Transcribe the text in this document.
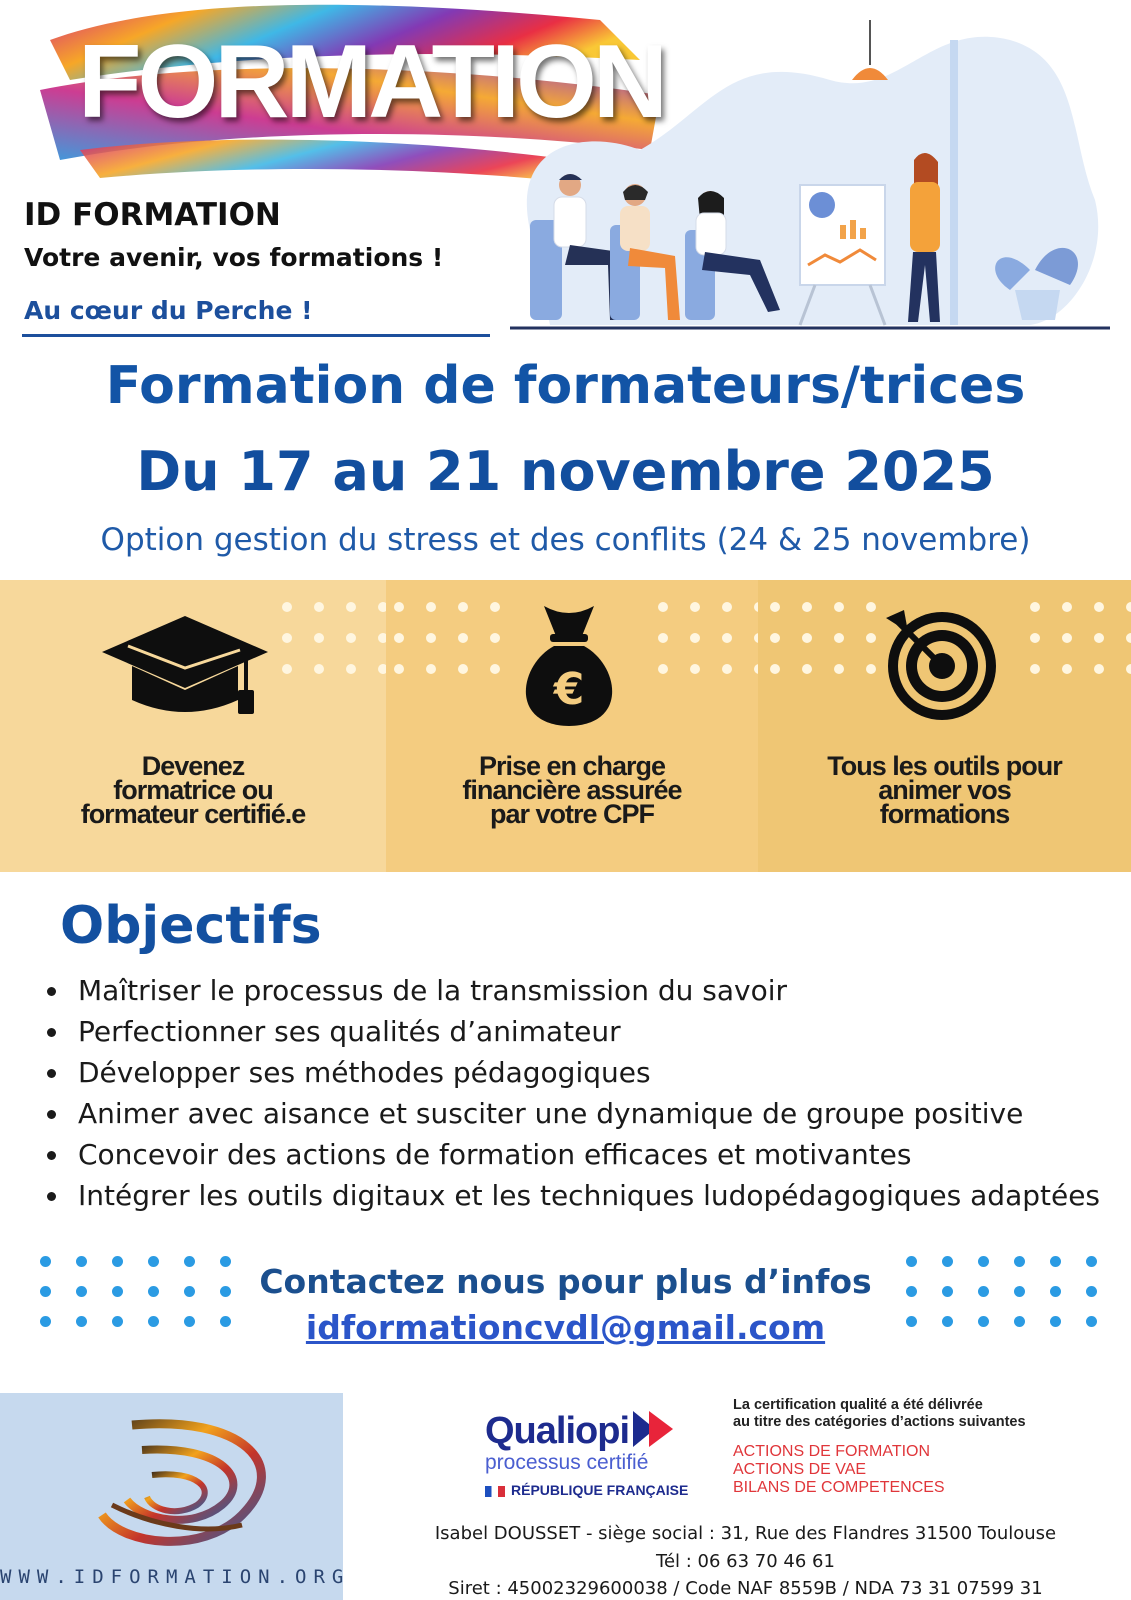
FORMATION
ID FORMATION
Votre avenir, vos formations !
Au cœur du Perche !
Formation de formateurs/trices
Du 17 au 21 novembre 2025
Option gestion du stress et des conflits (24 & 25 novembre)
Devenez
formatrice ou
formateur certifié.e
€
Prise en charge
financière assurée
par votre CPF
Tous les outils pour
animer vos
formations
Objectifs
Maîtriser le processus de la transmission du savoir
Perfectionner ses qualités d’animateur
Développer ses méthodes pédagogiques
Animer avec aisance et susciter une dynamique de groupe positive
Concevoir des actions de formation efficaces et motivantes
Intégrer les outils digitaux et les techniques ludopédagogiques adaptées
Contactez nous pour plus d’infos
idformationcvdl@gmail.com
WWW.IDFORMATION.ORG
Qualiopi
processus certifié
RÉPUBLIQUE FRANÇAISE
La certification qualité a été délivrée
au titre des catégories d’actions suivantes
ACTIONS DE FORMATION
ACTIONS DE VAE
BILANS DE COMPETENCES
Isabel DOUSSET - siège social : 31, Rue des Flandres 31500 Toulouse
Tél : 06 63 70 46 61
Siret : 45002329600038 / Code NAF 8559B / NDA 73 31 07599 31
